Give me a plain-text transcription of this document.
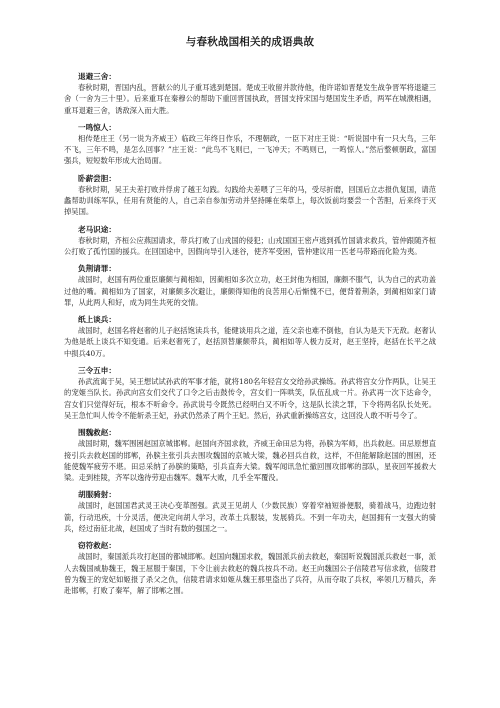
与春秋战国相关的成语典故

退避三舍：

春秋时期，晋国内乱，晋献公的儿子重耳逃到楚国。楚成王收留并款待他，他许诺如晋楚发生战争晋军将退避三舍（一舍为三十里）。后来重耳在秦穆公的帮助下重回晋国执政，晋国支持宋国与楚国发生矛盾，两军在城濮相遇，重耳退避三舍，诱敌深入而大胜。

一鸣惊人：

相传楚庄王（另一说为齐威王）临政三年终日作乐，不理朝政，一臣下对庄王说：“听说国中有一只大鸟，三年不飞，三年不鸣，是怎么回事？”庄王说：“此鸟不飞则已，一飞冲天；不鸣则已，一鸣惊人。”然后整顿朝政，富国强兵，短短数年形成大治局面。

卧薪尝胆：

春秋时期，吴王夫差打败并俘虏了越王勾践。勾践给夫差喂了三年的马，受尽折磨，回国后立志报仇复国，请范蠡帮助训练军队，任用有贤能的人，自己亲自参加劳动并坚持睡在柴草上，每次饭前均要尝一个苦胆，后来终于灭掉吴国。

老马识途：

春秋时期，齐桓公应燕国请求，带兵打败了山戎国的侵犯；山戎国国王密卢逃到孤竹国请求救兵，管仲跟随齐桓公打败了孤竹国的援兵。在回国途中，因假向导引入迷谷，使齐军受困，管仲建议用一匹老马带路而化险为夷。

负荆请罪：

战国时，赵国有两位重臣廉颇与蔺相如，因蔺相如多次立功，赵王封他为相国，廉颇不服气，认为自己的武功盖过他的嘴。蔺相如为了国家，对廉颇多次避让，廉颇得知他的良苦用心后惭愧不已，便背着荆条，到蔺相如家门请罪，从此两人和好，成为同生共死的交情。

纸上谈兵：

战国时，赵国名将赵奢的儿子赵括饱读兵书，能健谈用兵之道，连父亲也难不倒他，自认为是天下无敌。赵奢认为他是纸上谈兵不知变通。后来赵奢死了，赵括顶替廉颇带兵，蔺相如等人极力反对，赵王坚持，赵括在长平之战中损兵40万。

三令五申：

孙武流寓于吴，吴王想试试孙武的军事才能，就将180名年轻宫女交给孙武操练。孙武将宫女分作两队，让吴王的宠姬当队长。孙武向宫女们交代了口令之后击鼓传令，宫女们一阵哄笑，队伍乱成一片。孙武再一次下达命令，宫女们只觉得好玩，根本不听命令。孙武说号令既然已经明白又不听令，这是队长渎之罪，下令将两名队长处死。吴王急忙叫人传令不能斩杀王妃，孙武仍然杀了两个王妃。然后，孙武重新操练宫女，这回没人敢不听号令了。

围魏救赵：

战国时期，魏军围困赵国京城邯郸。赵国向齐国求救，齐威王命田忌为将，孙膑为军师，出兵救赵。田忌原想直接引兵去救赵国的邯郸，孙膑主张引兵去围攻魏国的京城大梁，魏必回兵自救，这样，不但能解除赵国的围困，还能使魏军疲劳不堪。田忌采纳了孙膑的策略，引兵直奔大梁。魏军闻讯急忙撤回围攻邯郸的部队，星夜回军援救大梁。走到桂陵，齐军以逸待劳迎击魏军。魏军大败，几乎全军覆没。

胡服骑射：

战国时，赵国国君武灵王决心变革图强。武灵王见胡人（少数民族）穿着窄袖短褂便服，骑着战马，边跑边射箭，行动迅疾，十分灵活，便决定向胡人学习，改革土兵服装，发展骑兵。不到一年功夫，赵国拥有一支强大的骑兵，经过南征北战，赵国成了当时有数的强国之一。

窃符救赵：

战国时，秦国派兵攻打赵国的都城邯郸。赵国向魏国求救，魏国派兵前去救赵，秦国听说魏国派兵救赵一事，派人去魏国威胁魏王，魏王屈服于秦国，下令让前去救赵的魏兵按兵不动。赵王向魏国公子信陵君写信求救，信陵君曾为魏王的宠妃如姬报了杀父之仇，信陵君请求如姬从魏王那里盗出了兵符，从而夺取了兵权，率领几万精兵，奔赴邯郸，打败了秦军，解了邯郸之围。
